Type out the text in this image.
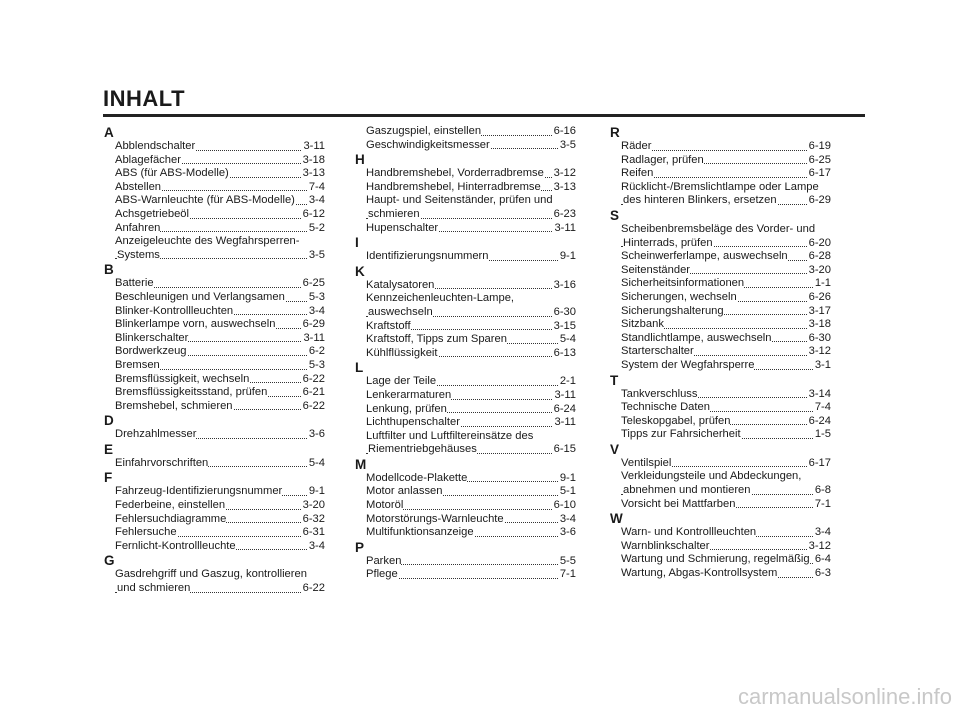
INHALT
A
Abblendschalter	3-11
Ablagefächer	3-18
ABS (für ABS-Modelle)	3-13
Abstellen	7-4
ABS-Warnleuchte (für ABS-Modelle) 3-4
Achsgetriebeöl	6-12
Anfahren	5-2
Anzeigeleuchte des Wegfahrsperren-
Systems	3-5
B
Batterie	6-25
Beschleunigen und Verlangsamen 5-3
Blinker-Kontrollleuchten	3-4
Blinkerlampe vorn, auswechseln 6-29
Blinkerschalter	3-11
Bordwerkzeug	6-2
Bremsen	5-3
Bremsflüssigkeit, wechseln	6-22
Bremsflüssigkeitsstand, prüfen	6-21
Bremshebel, schmieren	6-22
D
Drehzahlmesser	3-6
E
Einfahrvorschriften	5-4
F
Fahrzeug-Identifizierungsnummer 9-1
Federbeine, einstellen	3-20
Fehlersuchdiagramme	6-32
Fehlersuche	6-31
Fernlicht-Kontrollleuchte	3-4
G
Gasdrehgriff und Gaszug, kontrollieren
und schmieren	6-22
Gaszugspiel, einstellen	6-16
Geschwindigkeitsmesser	3-5
H
Handbremshebel, Vorderradbremse 3-12
Handbremshebel, Hinterradbremse 3-13
Haupt- und Seitenständer, prüfen und
schmieren	6-23
Hupenschalter	3-11
I
Identifizierungsnummern	9-1
K
Katalysatoren	3-16
Kennzeichenleuchten-Lampe,
auswechseln	6-30
Kraftstoff	3-15
Kraftstoff, Tipps zum Sparen	5-4
Kühlflüssigkeit	6-13
L
Lage der Teile	2-1
Lenkerarmaturen	3-11
Lenkung, prüfen	6-24
Lichthupenschalter	3-11
Luftfilter und Luftfiltereinsätze des
Riementriebgehäuses	6-15
M
Modellcode-Plakette	9-1
Motor anlassen	5-1
Motoröl	6-10
Motorstörungs-Warnleuchte	3-4
Multifunktionsanzeige	3-6
P
Parken	5-5
Pflege	7-1
R
Räder	6-19
Radlager, prüfen	6-25
Reifen	6-17
Rücklicht-/Bremslichtlampe oder Lampe
des hinteren Blinkers, ersetzen	6-29
S
Scheibenbremsbeläge des Vorder- und
Hinterrads, prüfen	6-20
Scheinwerferlampe, auswechseln 6-28
Seitenständer	3-20
Sicherheitsinformationen	1-1
Sicherungen, wechseln	6-26
Sicherungshalterung	3-17
Sitzbank	3-18
Standlichtlampe, auswechseln	6-30
Starterschalter	3-12
System der Wegfahrsperre	3-1
T
Tankverschluss	3-14
Technische Daten	7-4
Teleskopgabel, prüfen	6-24
Tipps zur Fahrsicherheit	1-5
V
Ventilspiel	6-17
Verkleidungsteile und Abdeckungen,
abnehmen und montieren	6-8
Vorsicht bei Mattfarben	7-1
W
Warn- und Kontrollleuchten	3-4
Warnblinkschalter	3-12
Wartung und Schmierung, regelmäßig 6-4
Wartung, Abgas-Kontrollsystem	6-3
carmanualsonline.info
